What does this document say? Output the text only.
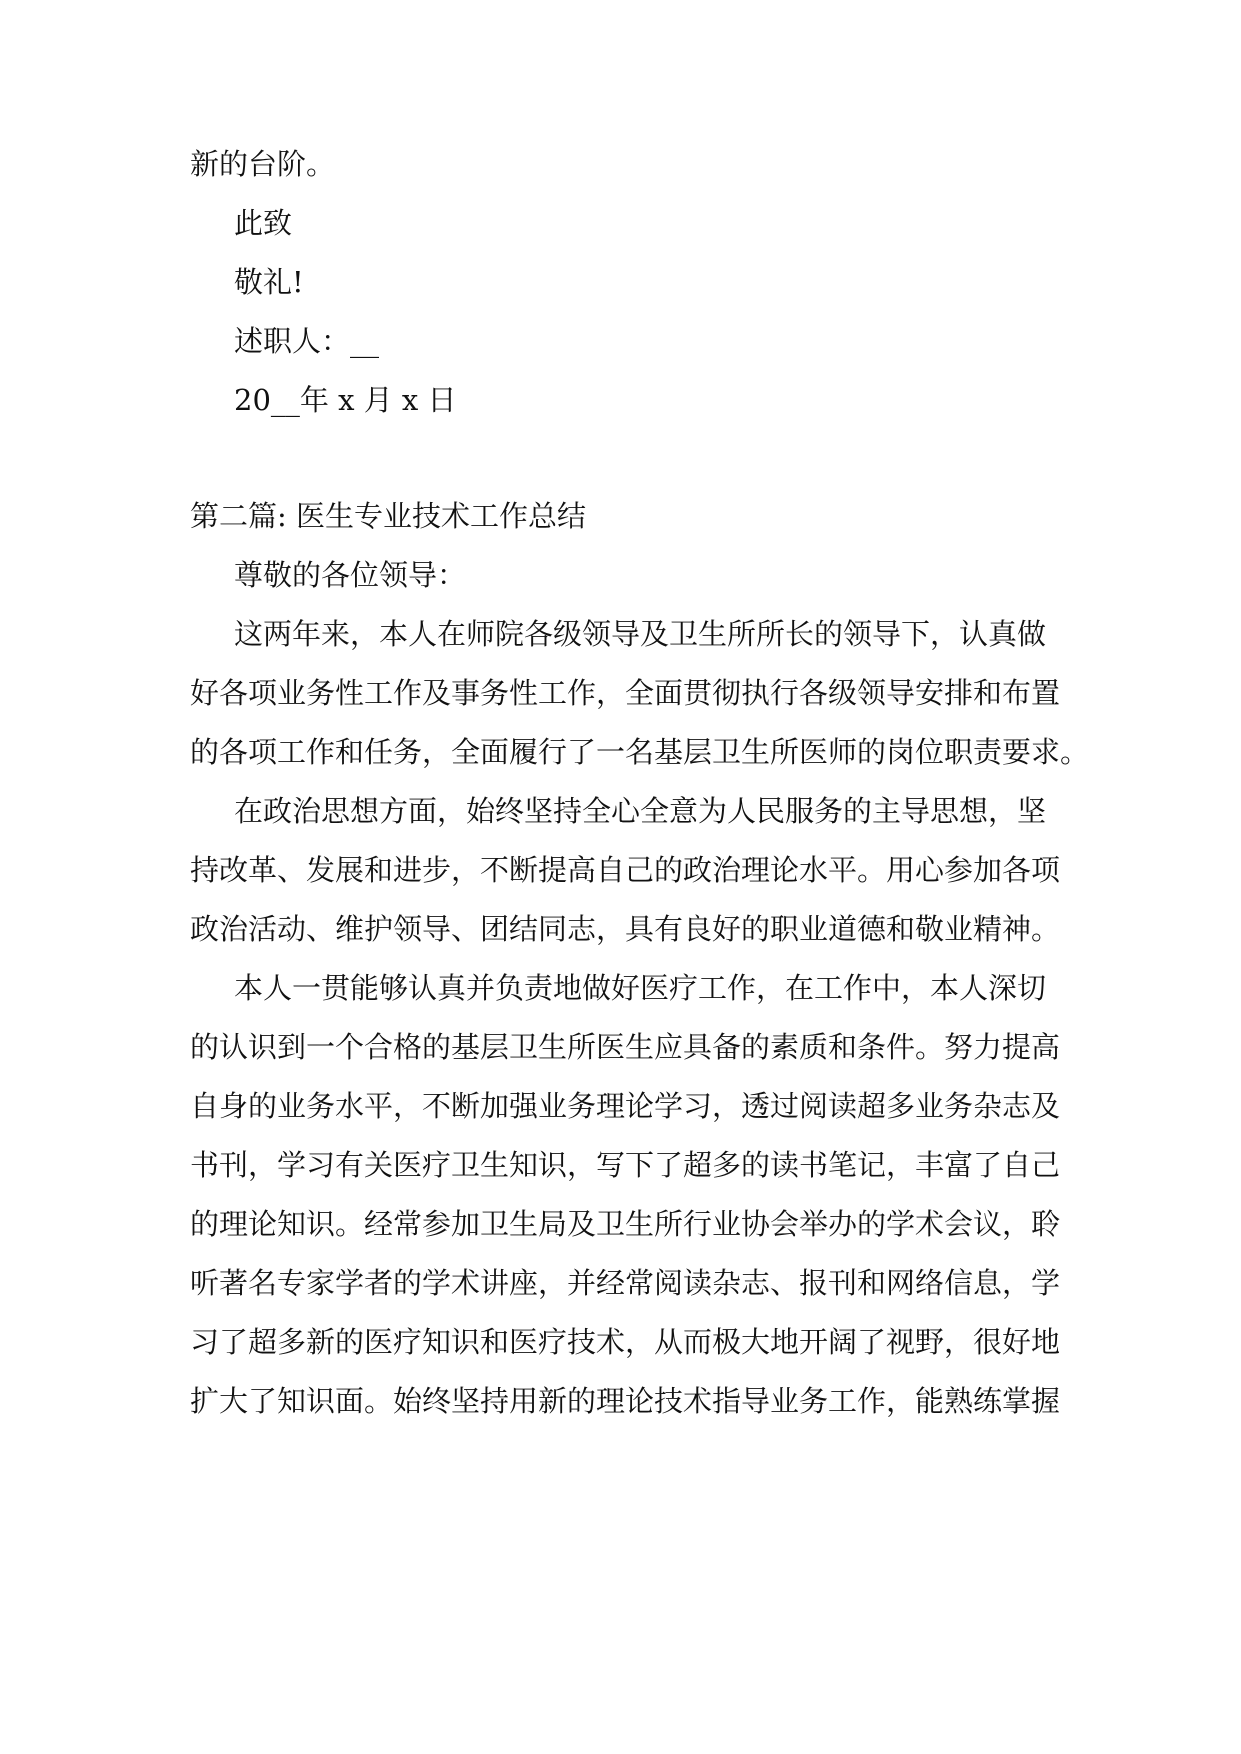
新的台阶。
此致
敬礼!
述职人：__
20__年 x 月 x 日
第二篇: 医生专业技术工作总结
尊敬的各位领导：
这两年来，本人在师院各级领导及卫生所所长的领导下，认真做
好各项业务性工作及事务性工作，全面贯彻执行各级领导安排和布置
的各项工作和任务，全面履行了一名基层卫生所医师的岗位职责要求。
在政治思想方面，始终坚持全心全意为人民服务的主导思想，坚
持改革、发展和进步，不断提高自己的政治理论水平。用心参加各项
政治活动、维护领导、团结同志，具有良好的职业道德和敬业精神。
本人一贯能够认真并负责地做好医疗工作，在工作中，本人深切
的认识到一个合格的基层卫生所医生应具备的素质和条件。努力提高
自身的业务水平，不断加强业务理论学习，透过阅读超多业务杂志及
书刊，学习有关医疗卫生知识，写下了超多的读书笔记，丰富了自己
的理论知识。经常参加卫生局及卫生所行业协会举办的学术会议，聆
听著名专家学者的学术讲座，并经常阅读杂志、报刊和网络信息，学
习了超多新的医疗知识和医疗技术，从而极大地开阔了视野，很好地
扩大了知识面。始终坚持用新的理论技术指导业务工作，能熟练掌握
